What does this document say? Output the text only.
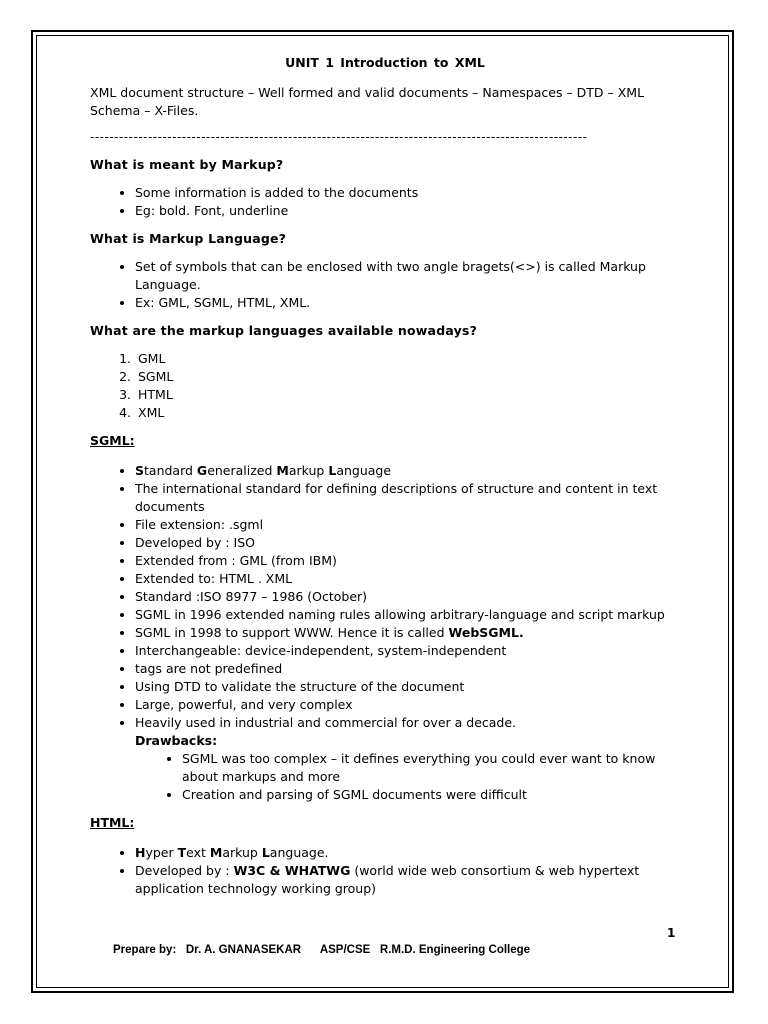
UNIT 1 Introduction to XML

XML document structure – Well formed and valid documents – Namespaces – DTD – XML Schema – X-Files.

-------------------------------------------------------------------------------------------------------
What is meant by Markup?
• Some information is added to the documents
• Eg: bold. Font, underline
What is Markup Language?
• Set of symbols that can be enclosed with two angle bragets(<>) is called Markup Language.
• Ex: GML, SGML, HTML, XML.
What are the markup languages available nowadays?
1. GML
2. SGML
3. HTML
4. XML
SGML:
• Standard Generalized Markup Language
• The international standard for defining descriptions of structure and content in text documents
• File extension: .sgml
• Developed by : ISO
• Extended from : GML (from IBM)
• Extended to: HTML . XML
• Standard :ISO 8977 – 1986 (October)
• SGML in 1996 extended naming rules allowing arbitrary-language and script markup
• SGML in 1998 to support WWW. Hence it is called WebSGML.
• Interchangeable: device-independent, system-independent
• tags are not predefined
• Using DTD to validate the structure of the document
• Large, powerful, and very complex
• Heavily used in industrial and commercial for over a decade.
Drawbacks:
• SGML was too complex – it defines everything you could ever want to know about markups and more
• Creation and parsing of SGML documents were difficult
HTML:
• Hyper Text Markup Language.
• Developed by : W3C & WHATWG (world wide web consortium & web hypertext application technology working group)
1
Prepare by:   Dr. A. GNANASEKAR      ASP/CSE   R.M.D. Engineering College
